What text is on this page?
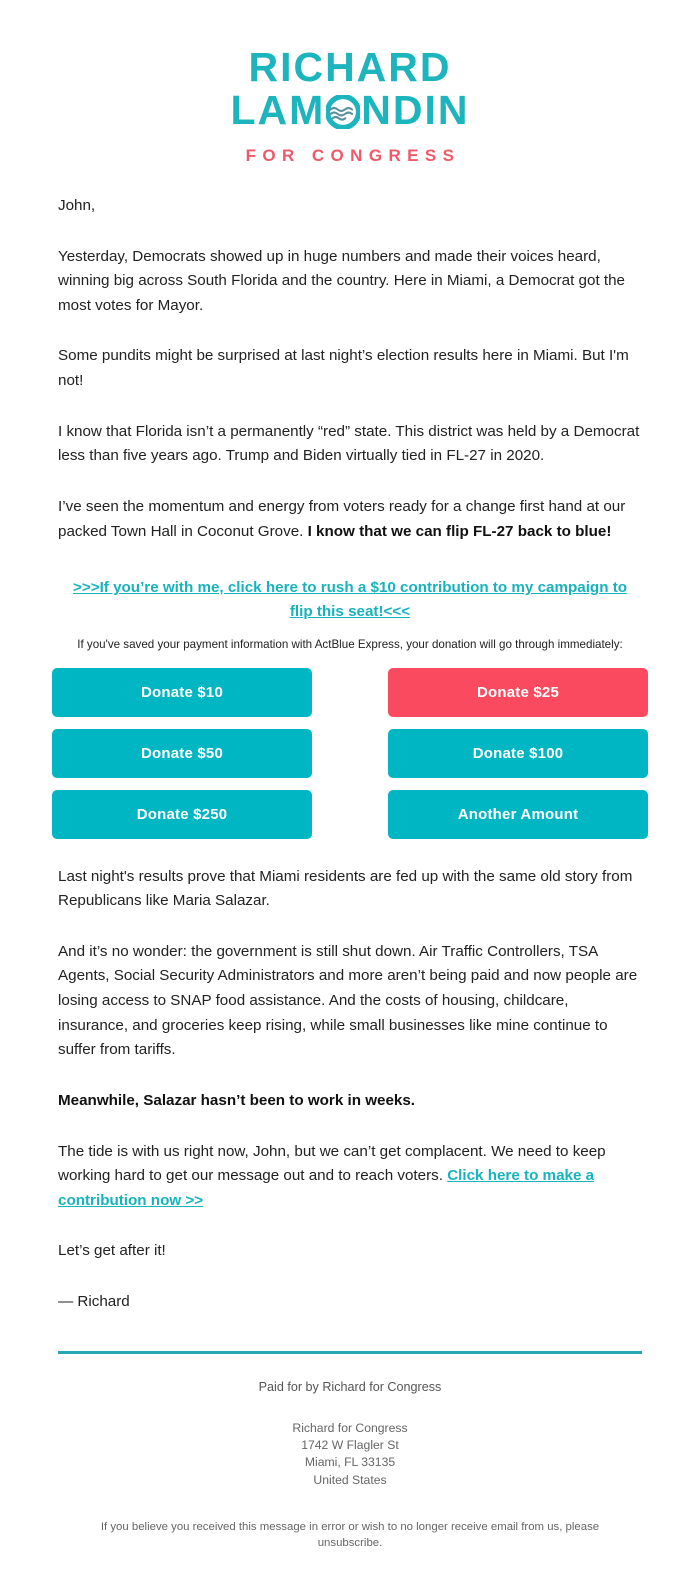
RICHARD
LAM NDIN
FOR CONGRESS

John,

Yesterday, Democrats showed up in huge numbers and made their voices heard, winning big across South Florida and the country. Here in Miami, a Democrat got the most votes for Mayor.

Some pundits might be surprised at last night’s election results here in Miami. But I'm not!

I know that Florida isn’t a permanently “red” state. This district was held by a Democrat less than five years ago. Trump and Biden virtually tied in FL-27 in 2020.

I’ve seen the momentum and energy from voters ready for a change first hand at our packed Town Hall in Coconut Grove. I know that we can flip FL-27 back to blue!

>>>If you’re with me, click here to rush a $10 contribution to my campaign to flip this seat!<<<

If you've saved your payment information with ActBlue Express, your donation will go through immediately:

Donate $10	Donate $25
Donate $50	Donate $100
Donate $250	Another Amount

Last night's results prove that Miami residents are fed up with the same old story from Republicans like Maria Salazar.

And it’s no wonder: the government is still shut down. Air Traffic Controllers, TSA Agents, Social Security Administrators and more aren’t being paid and now people are losing access to SNAP food assistance. And the costs of housing, childcare, insurance, and groceries keep rising, while small businesses like mine continue to suffer from tariffs.

Meanwhile, Salazar hasn’t been to work in weeks.

The tide is with us right now, John, but we can’t get complacent. We need to keep working hard to get our message out and to reach voters. Click here to make a contribution now >>

Let’s get after it!

— Richard

Paid for by Richard for Congress

Richard for Congress
1742 W Flagler St
Miami, FL 33135
United States

If you believe you received this message in error or wish to no longer receive email from us, please unsubscribe.
